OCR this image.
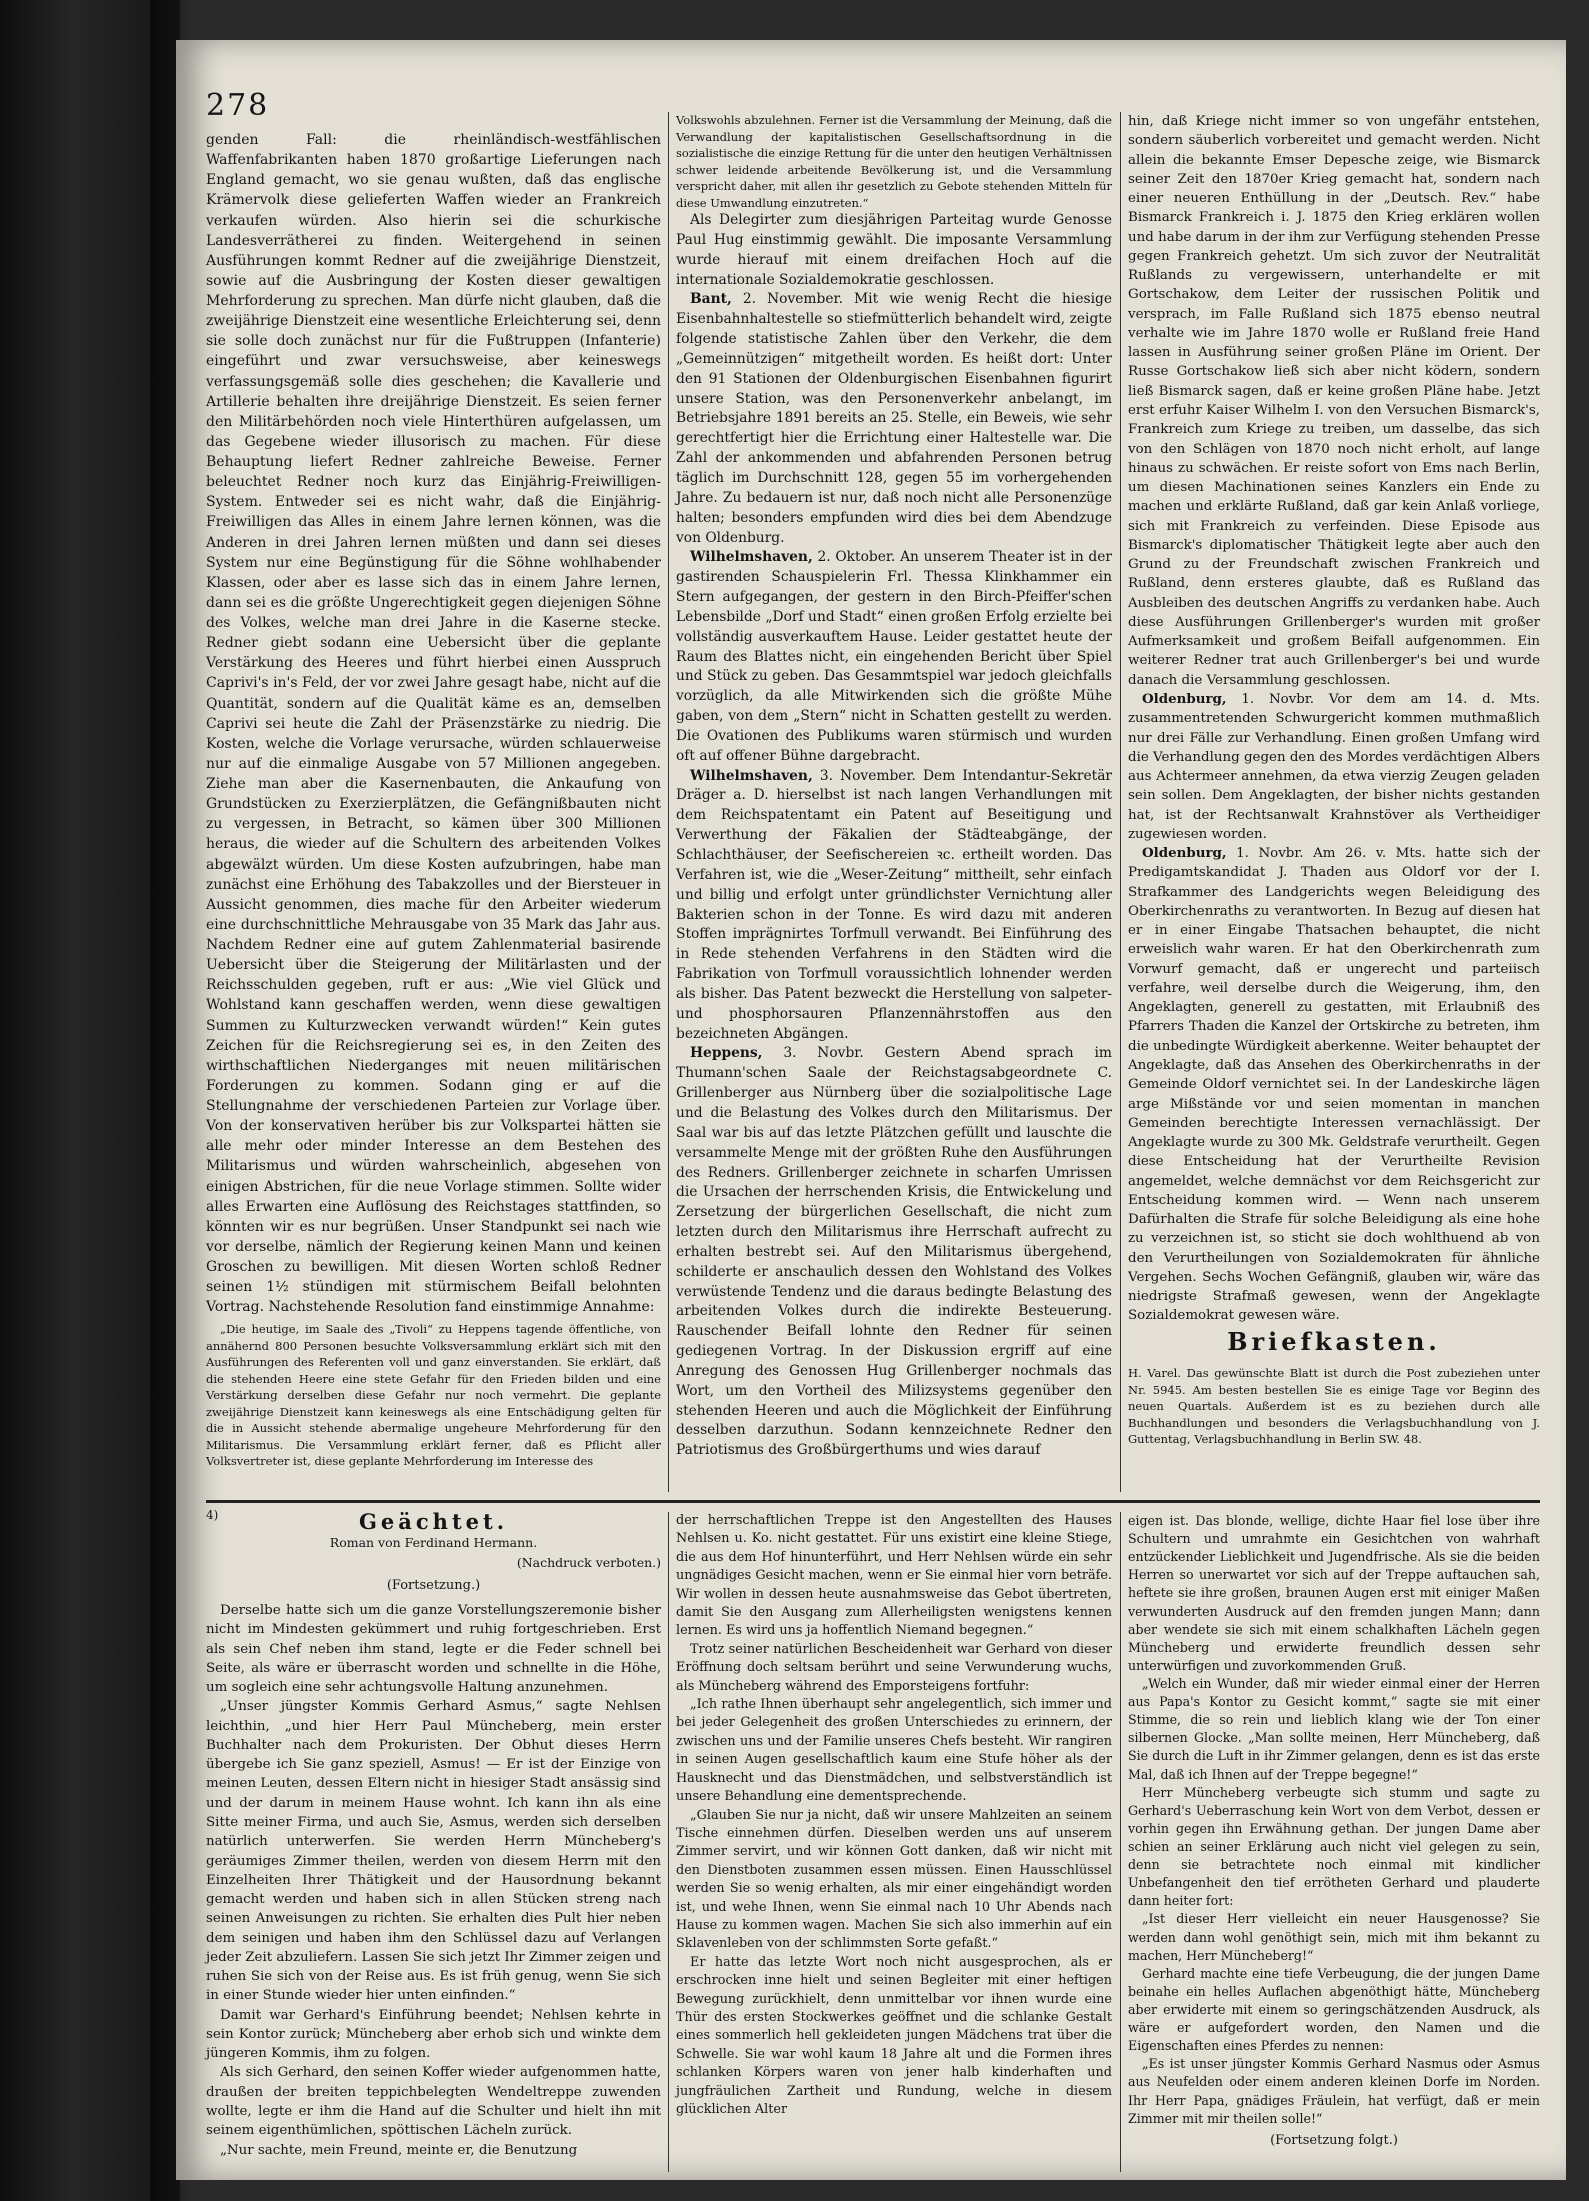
278

genden Fall: die rheinländisch-westfählischen Waffenfabrikanten haben 1870 großartige Lieferungen nach England gemacht, wo sie genau wußten, daß das englische Krämervolk diese gelieferten Waffen wieder an Frankreich verkaufen würden. Also hierin sei die schurkische Landesverrätherei zu finden. Weitergehend in seinen Ausführungen kommt Redner auf die zweijährige Dienstzeit, sowie auf die Ausbringung der Kosten dieser gewaltigen Mehrforderung zu sprechen. Man dürfe nicht glauben, daß die zweijährige Dienstzeit eine wesentliche Erleichterung sei, denn sie solle doch zunächst nur für die Fußtruppen (Infanterie) eingeführt und zwar versuchsweise, aber keineswegs verfassungsgemäß solle dies geschehen; die Kavallerie und Artillerie behalten ihre dreijährige Dienstzeit. Es seien ferner den Militärbehörden noch viele Hinterthüren aufgelassen, um das Gegebene wieder illusorisch zu machen. Für diese Behauptung liefert Redner zahlreiche Beweise. Ferner beleuchtet Redner noch kurz das Einjährig-Freiwilligen-System. Entweder sei es nicht wahr, daß die Einjährig-Freiwilligen das Alles in einem Jahre lernen können, was die Anderen in drei Jahren lernen müßten und dann sei dieses System nur eine Begünstigung für die Söhne wohlhabender Klassen, oder aber es lasse sich das in einem Jahre lernen, dann sei es die größte Ungerechtigkeit gegen diejenigen Söhne des Volkes, welche man drei Jahre in die Kaserne stecke. Redner giebt sodann eine Uebersicht über die geplante Verstärkung des Heeres und führt hierbei einen Ausspruch Caprivi's in's Feld, der vor zwei Jahre gesagt habe, nicht auf die Quantität, sondern auf die Qualität käme es an, demselben Caprivi sei heute die Zahl der Präsenzstärke zu niedrig. Die Kosten, welche die Vorlage verursache, würden schlauerweise nur auf die einmalige Ausgabe von 57 Millionen angegeben. Ziehe man aber die Kasernenbauten, die Ankaufung von Grundstücken zu Exerzierplätzen, die Gefängnißbauten nicht zu vergessen, in Betracht, so kämen über 300 Millionen heraus, die wieder auf die Schultern des arbeitenden Volkes abgewälzt würden. Um diese Kosten aufzubringen, habe man zunächst eine Erhöhung des Tabakzolles und der Biersteuer in Aussicht genommen, dies mache für den Arbeiter wiederum eine durchschnittliche Mehrausgabe von 35 Mark das Jahr aus. Nachdem Redner eine auf gutem Zahlenmaterial basirende Uebersicht über die Steigerung der Militärlasten und der Reichsschulden gegeben, ruft er aus: „Wie viel Glück und Wohlstand kann geschaffen werden, wenn diese gewaltigen Summen zu Kulturzwecken verwandt würden!“ Kein gutes Zeichen für die Reichsregierung sei es, in den Zeiten des wirthschaftlichen Niederganges mit neuen militärischen Forderungen zu kommen. Sodann ging er auf die Stellungnahme der verschiedenen Parteien zur Vorlage über. Von der konservativen herüber bis zur Volkspartei hätten sie alle mehr oder minder Interesse an dem Bestehen des Militarismus und würden wahrscheinlich, abgesehen von einigen Abstrichen, für die neue Vorlage stimmen. Sollte wider alles Erwarten eine Auflösung des Reichstages stattfinden, so könnten wir es nur begrüßen. Unser Standpunkt sei nach wie vor derselbe, nämlich der Regierung keinen Mann und keinen Groschen zu bewilligen. Mit diesen Worten schloß Redner seinen 1½ stündigen mit stürmischem Beifall belohnten Vortrag. Nachstehende Resolution fand einstimmige Annahme:

„Die heutige, im Saale des „Tivoli“ zu Heppens tagende öffentliche, von annähernd 800 Personen besuchte Volksversammlung erklärt sich mit den Ausführungen des Referenten voll und ganz einverstanden. Sie erklärt, daß die stehenden Heere eine stete Gefahr für den Frieden bilden und eine Verstärkung derselben diese Gefahr nur noch vermehrt. Die geplante zweijährige Dienstzeit kann keineswegs als eine Entschädigung gelten für die in Aussicht stehende abermalige ungeheure Mehrforderung für den Militarismus. Die Versammlung erklärt ferner, daß es Pflicht aller Volksvertreter ist, diese geplante Mehrforderung im Interesse des

Volkswohls abzulehnen. Ferner ist die Versammlung der Meinung, daß die Verwandlung der kapitalistischen Gesellschaftsordnung in die sozialistische die einzige Rettung für die unter den heutigen Verhältnissen schwer leidende arbeitende Bevölkerung ist, und die Versammlung verspricht daher, mit allen ihr gesetzlich zu Gebote stehenden Mitteln für diese Umwandlung einzutreten.“

Als Delegirter zum diesjährigen Parteitag wurde Genosse Paul Hug einstimmig gewählt. Die imposante Versammlung wurde hierauf mit einem dreifachen Hoch auf die internationale Sozialdemokratie geschlossen.

Bant, 2. November. Mit wie wenig Recht die hiesige Eisenbahnhaltestelle so stiefmütterlich behandelt wird, zeigte folgende statistische Zahlen über den Verkehr, die dem „Gemeinnützigen“ mitgetheilt worden. Es heißt dort: Unter den 91 Stationen der Oldenburgischen Eisenbahnen figurirt unsere Station, was den Personenverkehr anbelangt, im Betriebsjahre 1891 bereits an 25. Stelle, ein Beweis, wie sehr gerechtfertigt hier die Errichtung einer Haltestelle war. Die Zahl der ankommenden und abfahrenden Personen betrug täglich im Durchschnitt 128, gegen 55 im vorhergehenden Jahre. Zu bedauern ist nur, daß noch nicht alle Personenzüge halten; besonders empfunden wird dies bei dem Abendzuge von Oldenburg.

Wilhelmshaven, 2. Oktober. An unserem Theater ist in der gastirenden Schauspielerin Frl. Thessa Klinkhammer ein Stern aufgegangen, der gestern in den Birch-Pfeiffer'schen Lebensbilde „Dorf und Stadt“ einen großen Erfolg erzielte bei vollständig ausverkauftem Hause. Leider gestattet heute der Raum des Blattes nicht, ein eingehenden Bericht über Spiel und Stück zu geben. Das Gesammtspiel war jedoch gleichfalls vorzüglich, da alle Mitwirkenden sich die größte Mühe gaben, von dem „Stern“ nicht in Schatten gestellt zu werden. Die Ovationen des Publikums waren stürmisch und wurden oft auf offener Bühne dargebracht.

Wilhelmshaven, 3. November. Dem Intendantur-Sekretär Dräger a. D. hierselbst ist nach langen Verhandlungen mit dem Reichspatentamt ein Patent auf Beseitigung und Verwerthung der Fäkalien der Städteabgänge, der Schlachthäuser, der Seefischereien ꝛc. ertheilt worden. Das Verfahren ist, wie die „Weser-Zeitung“ mittheilt, sehr einfach und billig und erfolgt unter gründlichster Vernichtung aller Bakterien schon in der Tonne. Es wird dazu mit anderen Stoffen imprägnirtes Torfmull verwandt. Bei Einführung des in Rede stehenden Verfahrens in den Städten wird die Fabrikation von Torfmull voraussichtlich lohnender werden als bisher. Das Patent bezweckt die Herstellung von salpeter- und phosphorsauren Pflanzennährstoffen aus den bezeichneten Abgängen.

Heppens, 3. Novbr. Gestern Abend sprach im Thumann'schen Saale der Reichstagsabgeordnete C. Grillenberger aus Nürnberg über die sozialpolitische Lage und die Belastung des Volkes durch den Militarismus. Der Saal war bis auf das letzte Plätzchen gefüllt und lauschte die versammelte Menge mit der größten Ruhe den Ausführungen des Redners. Grillenberger zeichnete in scharfen Umrissen die Ursachen der herrschenden Krisis, die Entwickelung und Zersetzung der bürgerlichen Gesellschaft, die nicht zum letzten durch den Militarismus ihre Herrschaft aufrecht zu erhalten bestrebt sei. Auf den Militarismus übergehend, schilderte er anschaulich dessen den Wohlstand des Volkes verwüstende Tendenz und die daraus bedingte Belastung des arbeitenden Volkes durch die indirekte Besteuerung. Rauschender Beifall lohnte den Redner für seinen gediegenen Vortrag. In der Diskussion ergriff auf eine Anregung des Genossen Hug Grillenberger nochmals das Wort, um den Vortheil des Milizsystems gegenüber den stehenden Heeren und auch die Möglichkeit der Einführung desselben darzuthun. Sodann kennzeichnete Redner den Patriotismus des Großbürgerthums und wies darauf

hin, daß Kriege nicht immer so von ungefähr entstehen, sondern säuberlich vorbereitet und gemacht werden. Nicht allein die bekannte Emser Depesche zeige, wie Bismarck seiner Zeit den 1870er Krieg gemacht hat, sondern nach einer neueren Enthüllung in der „Deutsch. Rev.“ habe Bismarck Frankreich i. J. 1875 den Krieg erklären wollen und habe darum in der ihm zur Verfügung stehenden Presse gegen Frankreich gehetzt. Um sich zuvor der Neutralität Rußlands zu vergewissern, unterhandelte er mit Gortschakow, dem Leiter der russischen Politik und versprach, im Falle Rußland sich 1875 ebenso neutral verhalte wie im Jahre 1870 wolle er Rußland freie Hand lassen in Ausführung seiner großen Pläne im Orient. Der Russe Gortschakow ließ sich aber nicht ködern, sondern ließ Bismarck sagen, daß er keine großen Pläne habe. Jetzt erst erfuhr Kaiser Wilhelm I. von den Versuchen Bismarck's, Frankreich zum Kriege zu treiben, um dasselbe, das sich von den Schlägen von 1870 noch nicht erholt, auf lange hinaus zu schwächen. Er reiste sofort von Ems nach Berlin, um diesen Machinationen seines Kanzlers ein Ende zu machen und erklärte Rußland, daß gar kein Anlaß vorliege, sich mit Frankreich zu verfeinden. Diese Episode aus Bismarck's diplomatischer Thätigkeit legte aber auch den Grund zu der Freundschaft zwischen Frankreich und Rußland, denn ersteres glaubte, daß es Rußland das Ausbleiben des deutschen Angriffs zu verdanken habe. Auch diese Ausführungen Grillenberger's wurden mit großer Aufmerksamkeit und großem Beifall aufgenommen. Ein weiterer Redner trat auch Grillenberger's bei und wurde danach die Versammlung geschlossen.

Oldenburg, 1. Novbr. Vor dem am 14. d. Mts. zusammentretenden Schwurgericht kommen muthmaßlich nur drei Fälle zur Verhandlung. Einen großen Umfang wird die Verhandlung gegen den des Mordes verdächtigen Albers aus Achtermeer annehmen, da etwa vierzig Zeugen geladen sein sollen. Dem Angeklagten, der bisher nichts gestanden hat, ist der Rechtsanwalt Krahnstöver als Vertheidiger zugewiesen worden.

Oldenburg, 1. Novbr. Am 26. v. Mts. hatte sich der Predigamtskandidat J. Thaden aus Oldorf vor der I. Strafkammer des Landgerichts wegen Beleidigung des Oberkirchenraths zu verantworten. In Bezug auf diesen hat er in einer Eingabe Thatsachen behauptet, die nicht erweislich wahr waren. Er hat den Oberkirchenrath zum Vorwurf gemacht, daß er ungerecht und parteiisch verfahre, weil derselbe durch die Weigerung, ihm, den Angeklagten, generell zu gestatten, mit Erlaubniß des Pfarrers Thaden die Kanzel der Ortskirche zu betreten, ihm die unbedingte Würdigkeit aberkenne. Weiter behauptet der Angeklagte, daß das Ansehen des Oberkirchenraths in der Gemeinde Oldorf vernichtet sei. In der Landeskirche lägen arge Mißstände vor und seien momentan in manchen Gemeinden berechtigte Interessen vernachlässigt. Der Angeklagte wurde zu 300 Mk. Geldstrafe verurtheilt. Gegen diese Entscheidung hat der Verurtheilte Revision angemeldet, welche demnächst vor dem Reichsgericht zur Entscheidung kommen wird. — Wenn nach unserem Dafürhalten die Strafe für solche Beleidigung als eine hohe zu verzeichnen ist, so sticht sie doch wohlthuend ab von den Verurtheilungen von Sozialdemokraten für ähnliche Vergehen. Sechs Wochen Gefängniß, glauben wir, wäre das niedrigste Strafmaß gewesen, wenn der Angeklagte Sozialdemokrat gewesen wäre.

Briefkasten.

H. Varel. Das gewünschte Blatt ist durch die Post zubeziehen unter Nr. 5945. Am besten bestellen Sie es einige Tage vor Beginn des neuen Quartals. Außerdem ist es zu beziehen durch alle Buchhandlungen und besonders die Verlagsbuchhandlung von J. Guttentag, Verlagsbuchhandlung in Berlin SW. 48.

4)	Geächtet.
Roman von Ferdinand Hermann.
(Nachdruck verboten.)
(Fortsetzung.)

Derselbe hatte sich um die ganze Vorstellungszeremonie bisher nicht im Mindesten gekümmert und ruhig fortgeschrieben. Erst als sein Chef neben ihm stand, legte er die Feder schnell bei Seite, als wäre er überrascht worden und schnellte in die Höhe, um sogleich eine sehr achtungsvolle Haltung anzunehmen.

„Unser jüngster Kommis Gerhard Asmus,“ sagte Nehlsen leichthin, „und hier Herr Paul Müncheberg, mein erster Buchhalter nach dem Prokuristen. Der Obhut dieses Herrn übergebe ich Sie ganz speziell, Asmus! — Er ist der Einzige von meinen Leuten, dessen Eltern nicht in hiesiger Stadt ansässig sind und der darum in meinem Hause wohnt. Ich kann ihn als eine Sitte meiner Firma, und auch Sie, Asmus, werden sich derselben natürlich unterwerfen. Sie werden Herrn Müncheberg's geräumiges Zimmer theilen, werden von diesem Herrn mit den Einzelheiten Ihrer Thätigkeit und der Hausordnung bekannt gemacht werden und haben sich in allen Stücken streng nach seinen Anweisungen zu richten. Sie erhalten dies Pult hier neben dem seinigen und haben ihm den Schlüssel dazu auf Verlangen jeder Zeit abzuliefern. Lassen Sie sich jetzt Ihr Zimmer zeigen und ruhen Sie sich von der Reise aus. Es ist früh genug, wenn Sie sich in einer Stunde wieder hier unten einfinden.“

Damit war Gerhard's Einführung beendet; Nehlsen kehrte in sein Kontor zurück; Müncheberg aber erhob sich und winkte dem jüngeren Kommis, ihm zu folgen.

Als sich Gerhard, den seinen Koffer wieder aufgenommen hatte, draußen der breiten teppichbelegten Wendeltreppe zuwenden wollte, legte er ihm die Hand auf die Schulter und hielt ihn mit seinem eigenthümlichen, spöttischen Lächeln zurück.

„Nur sachte, mein Freund, meinte er, die Benutzung

der herrschaftlichen Treppe ist den Angestellten des Hauses Nehlsen u. Ko. nicht gestattet. Für uns existirt eine kleine Stiege, die aus dem Hof hinunterführt, und Herr Nehlsen würde ein sehr ungnädiges Gesicht machen, wenn er Sie einmal hier vorn beträfe. Wir wollen in dessen heute ausnahmsweise das Gebot übertreten, damit Sie den Ausgang zum Allerheiligsten wenigstens kennen lernen. Es wird uns ja hoffentlich Niemand begegnen.“

Trotz seiner natürlichen Bescheidenheit war Gerhard von dieser Eröffnung doch seltsam berührt und seine Verwunderung wuchs, als Müncheberg während des Emporsteigens fortfuhr:

„Ich rathe Ihnen überhaupt sehr angelegentlich, sich immer und bei jeder Gelegenheit des großen Unterschiedes zu erinnern, der zwischen uns und der Familie unseres Chefs besteht. Wir rangiren in seinen Augen gesellschaftlich kaum eine Stufe höher als der Hausknecht und das Dienstmädchen, und selbstverständlich ist unsere Behandlung eine dementsprechende.

„Glauben Sie nur ja nicht, daß wir unsere Mahlzeiten an seinem Tische einnehmen dürfen. Dieselben werden uns auf unserem Zimmer servirt, und wir können Gott danken, daß wir nicht mit den Dienstboten zusammen essen müssen. Einen Hausschlüssel werden Sie so wenig erhalten, als mir einer eingehändigt worden ist, und wehe Ihnen, wenn Sie einmal nach 10 Uhr Abends nach Hause zu kommen wagen. Machen Sie sich also immerhin auf ein Sklavenleben von der schlimmsten Sorte gefaßt.“

Er hatte das letzte Wort noch nicht ausgesprochen, als er erschrocken inne hielt und seinen Begleiter mit einer heftigen Bewegung zurückhielt, denn unmittelbar vor ihnen wurde eine Thür des ersten Stockwerkes geöffnet und die schlanke Gestalt eines sommerlich hell gekleideten jungen Mädchens trat über die Schwelle. Sie war wohl kaum 18 Jahre alt und die Formen ihres schlanken Körpers waren von jener halb kinderhaften und jungfräulichen Zartheit und Rundung, welche in diesem glücklichen Alter

eigen ist. Das blonde, wellige, dichte Haar fiel lose über ihre Schultern und umrahmte ein Gesichtchen von wahrhaft entzückender Lieblichkeit und Jugendfrische. Als sie die beiden Herren so unerwartet vor sich auf der Treppe auftauchen sah, heftete sie ihre großen, braunen Augen erst mit einiger Maßen verwunderten Ausdruck auf den fremden jungen Mann; dann aber wendete sie sich mit einem schalkhaften Lächeln gegen Müncheberg und erwiderte freundlich dessen sehr unterwürfigen und zuvorkommenden Gruß.

„Welch ein Wunder, daß mir wieder einmal einer der Herren aus Papa's Kontor zu Gesicht kommt,“ sagte sie mit einer Stimme, die so rein und lieblich klang wie der Ton einer silbernen Glocke. „Man sollte meinen, Herr Müncheberg, daß Sie durch die Luft in ihr Zimmer gelangen, denn es ist das erste Mal, daß ich Ihnen auf der Treppe begegne!“

Herr Müncheberg verbeugte sich stumm und sagte zu Gerhard's Ueberraschung kein Wort von dem Verbot, dessen er vorhin gegen ihn Erwähnung gethan. Der jungen Dame aber schien an seiner Erklärung auch nicht viel gelegen zu sein, denn sie betrachtete noch einmal mit kindlicher Unbefangenheit den tief errötheten Gerhard und plauderte dann heiter fort:

„Ist dieser Herr vielleicht ein neuer Hausgenosse? Sie werden dann wohl genöthigt sein, mich mit ihm bekannt zu machen, Herr Müncheberg!“

Gerhard machte eine tiefe Verbeugung, die der jungen Dame beinahe ein helles Auflachen abgenöthigt hätte, Müncheberg aber erwiderte mit einem so geringschätzenden Ausdruck, als wäre er aufgefordert worden, den Namen und die Eigenschaften eines Pferdes zu nennen:

„Es ist unser jüngster Kommis Gerhard Nasmus oder Asmus aus Neufelden oder einem anderen kleinen Dorfe im Norden. Ihr Herr Papa, gnädiges Fräulein, hat verfügt, daß er mein Zimmer mit mir theilen solle!“

(Fortsetzung folgt.)
